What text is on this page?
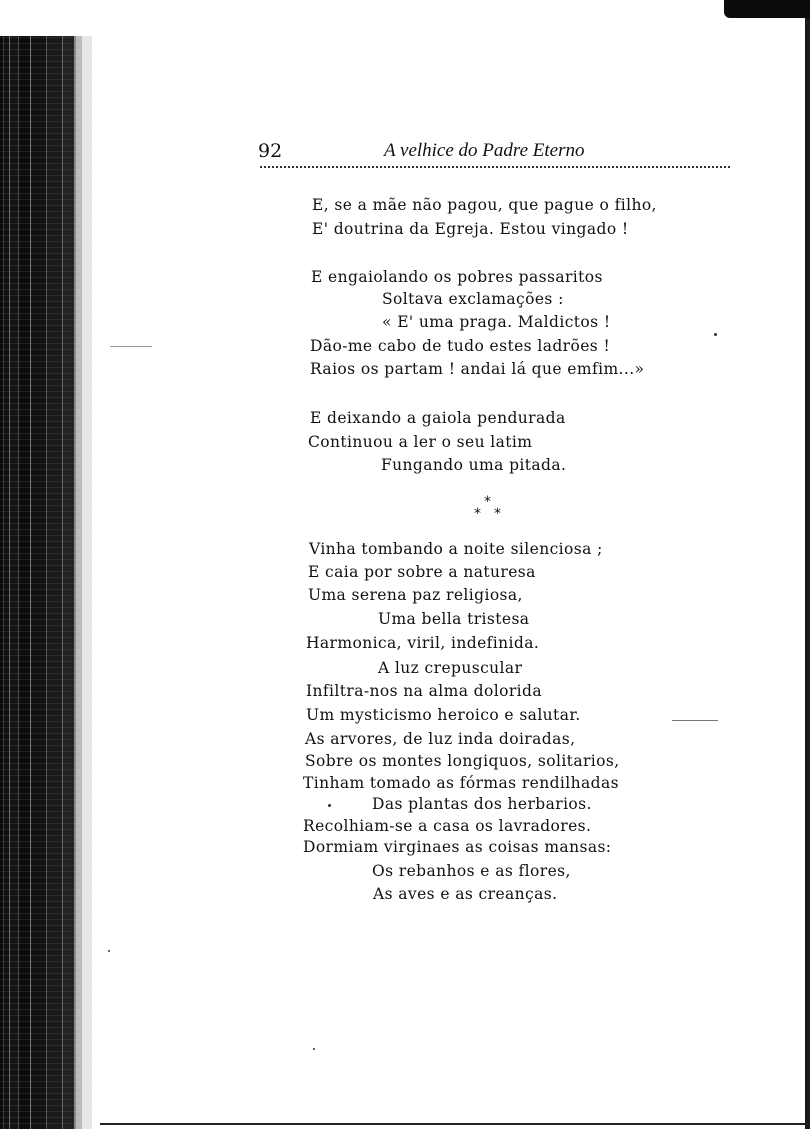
92	A velhice do Padre Eterno
E, se a mãe não pagou, que pague o filho,
E' doutrina da Egreja. Estou vingado !
E engaiolando os pobres passaritos
Soltava exclamações :
« E' uma praga. Maldictos !
Dão-me cabo de tudo estes ladrões !
Raios os partam ! andai lá que emfim...»
E deixando a gaiola pendurada
Continuou a ler o seu latim
Fungando uma pitada.
*
* *
Vinha tombando a noite silenciosa ;
E caia por sobre a naturesa
Uma serena paz religiosa,
Uma bella tristesa
Harmonica, viril, indefinida.
A luz crepuscular
Infiltra-nos na alma dolorida
Um mysticismo heroico e salutar.
As arvores, de luz inda doiradas,
Sobre os montes longiquos, solitarios,
Tinham tomado as fórmas rendilhadas
Das plantas dos herbarios.
Recolhiam-se a casa os lavradores.
Dormiam virginaes as coisas mansas:
Os rebanhos e as flores,
As aves e as creanças.
